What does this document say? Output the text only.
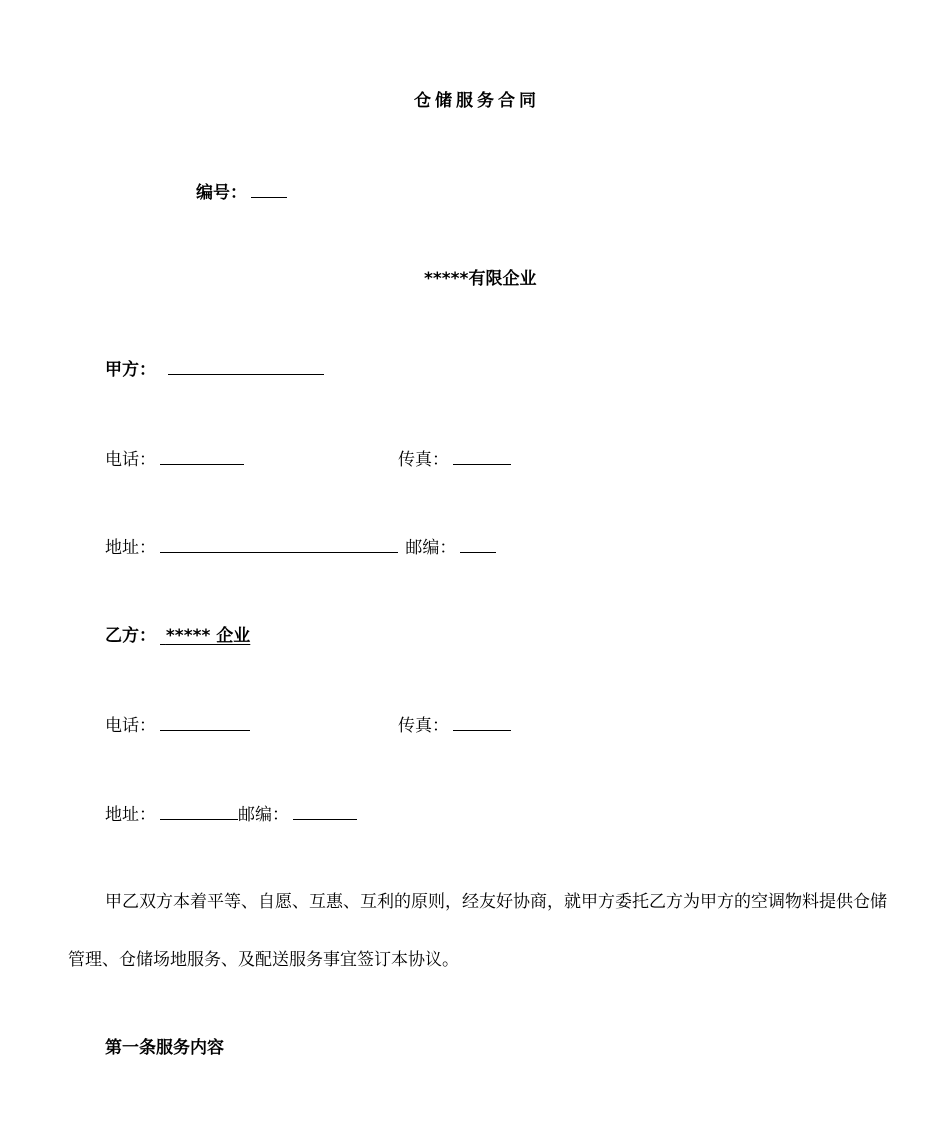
仓储服务合同
编号：
*****有限企业
甲方：
电话：	传真：
地址：	邮编：
乙方： ***** 企业
电话：	传真：
地址：	邮编：
甲乙双方本着平等、自愿、互惠、互利的原则，经友好协商，就甲方委托乙方为甲方的空调物料提供仓储管理、仓储场地服务、及配送服务事宜签订本协议。
第一条服务内容
